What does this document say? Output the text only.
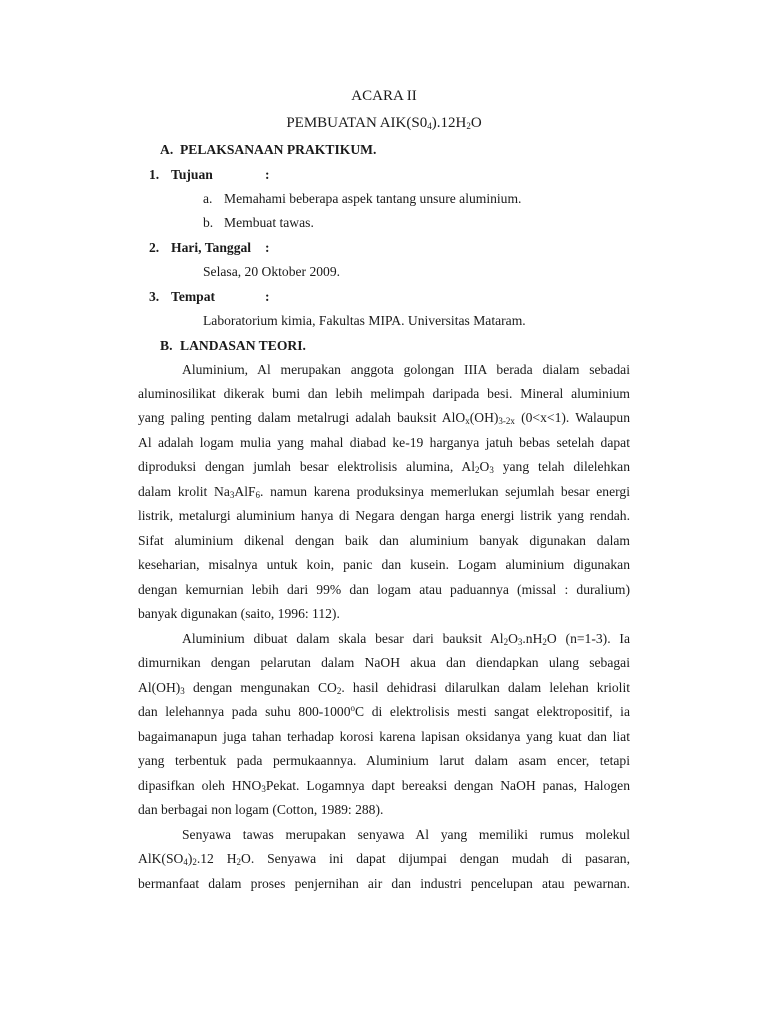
ACARA II
PEMBUATAN $AIK(S0_4).12H_2O$
A. PELAKSANAAN PRAKTIKUM.
1. Tujuan	:
a. Memahami beberapa aspek tantang unsure aluminium.
b. Membuat tawas.
2. Hari, Tanggal :
Selasa, 20 Oktober 2009.
3. Tempat	:
Laboratorium kimia, Fakultas MIPA. Universitas Mataram.
B. LANDASAN TEORI.
Aluminium, Al merupakan anggota golongan IIIA berada dialam sebadai
aluminosilikat dikerak bumi dan lebih melimpah daripada besi. Mineral aluminium
yang paling penting dalam metalrugi adalah bauksit $AlO_x(OH)_{3-2x}$ (0<x<1). Walaupun
Al adalah logam mulia yang mahal diabad ke-19 harganya jatuh bebas setelah dapat
diproduksi dengan jumlah besar elektrolisis alumina, $Al_2O_3$ yang telah dilelehkan
dalam krolit $Na_3AlF_6$. namun karena produksinya memerlukan sejumlah besar energi
listrik, metalurgi aluminium hanya di Negara dengan harga energi listrik yang rendah.
Sifat aluminium dikenal dengan baik dan aluminium banyak digunakan dalam
keseharian, misalnya untuk koin, panic dan kusein. Logam aluminium digunakan
dengan kemurnian lebih dari 99% dan logam atau paduannya (missal : duralium)
banyak digunakan (saito, 1996: 112).
Aluminium dibuat dalam skala besar dari bauksit $Al_2O_3.nH_2O$ (n=1-3). Ia
dimurnikan dengan pelarutan dalam NaOH akua dan diendapkan ulang sebagai
$Al(OH)_3$ dengan mengunakan $CO_2$. hasil dehidrasi dilarulkan dalam lelehan kriolit
dan lelehannya pada suhu 800-1000$^o$C di elektrolisis mesti sangat elektropositif, ia
bagaimanapun juga tahan terhadap korosi karena lapisan oksidanya yang kuat dan liat
yang terbentuk pada permukaannya. Aluminium larut dalam asam encer, tetapi
dipasifkan oleh $HNO_3Pekat$. Logamnya dapt bereaksi dengan NaOH panas, Halogen
dan berbagai non logam (Cotton, 1989: 288).
Senyawa tawas merupakan senyawa Al yang memiliki rumus molekul
$AlK(SO_4)_2.12$ $H_2O$. Senyawa ini dapat dijumpai dengan mudah di pasaran,
bermanfaat dalam proses penjernihan air dan industri pencelupan atau pewarnan.
